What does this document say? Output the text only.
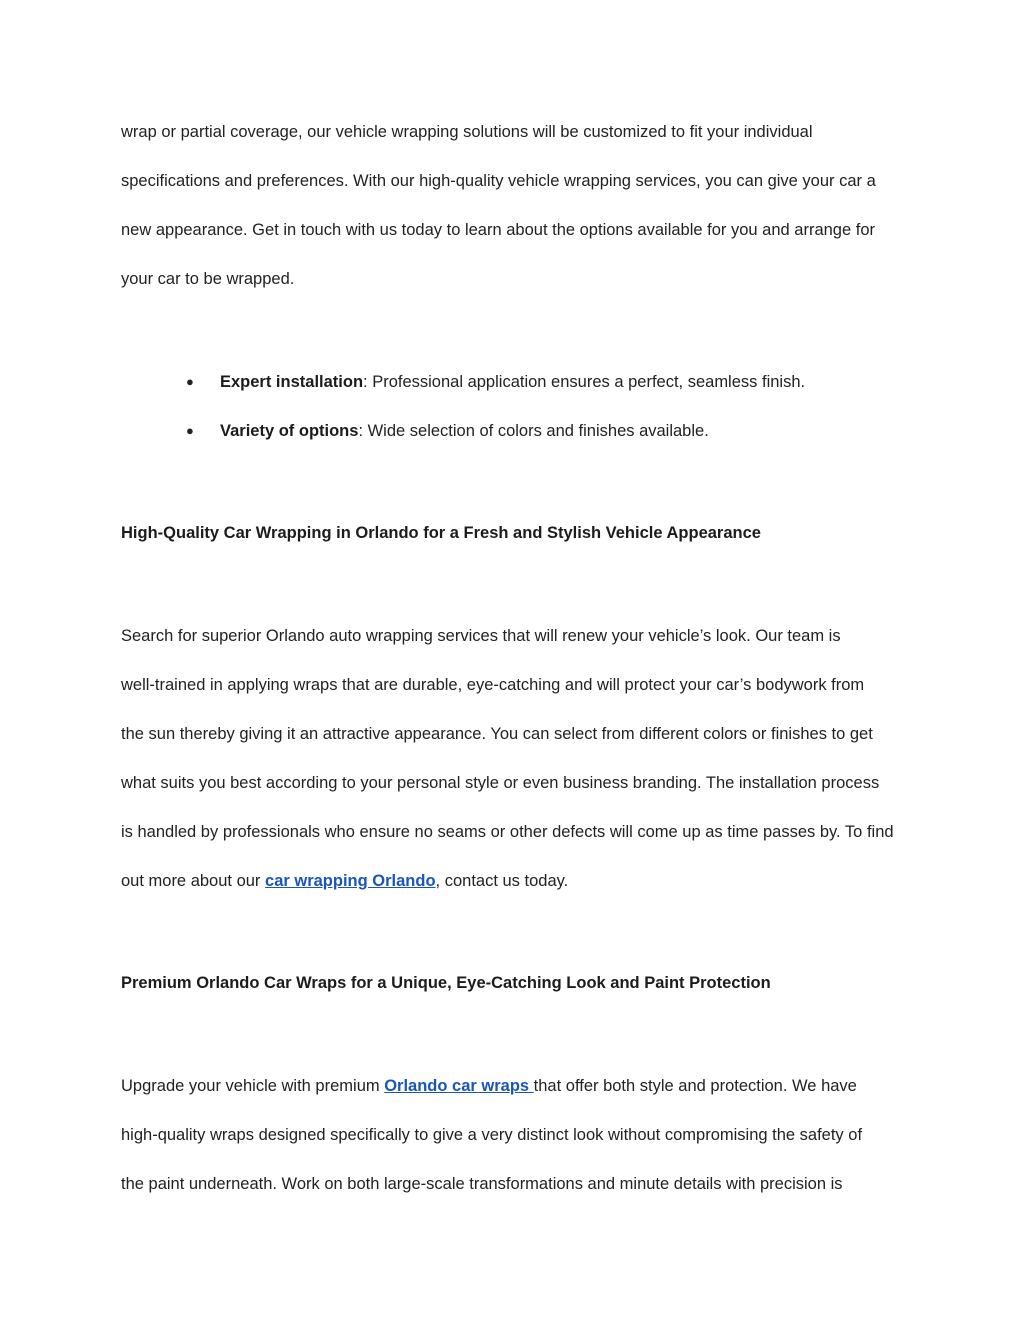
wrap or partial coverage, our vehicle wrapping solutions will be customized to fit your individual
specifications and preferences. With our high-quality vehicle wrapping services, you can give your car a
new appearance. Get in touch with us today to learn about the options available for you and arrange for
your car to be wrapped.
● Expert installation: Professional application ensures a perfect, seamless finish.
● Variety of options: Wide selection of colors and finishes available.
High-Quality Car Wrapping in Orlando for a Fresh and Stylish Vehicle Appearance
Search for superior Orlando auto wrapping services that will renew your vehicle’s look. Our team is
well-trained in applying wraps that are durable, eye-catching and will protect your car’s bodywork from
the sun thereby giving it an attractive appearance. You can select from different colors or finishes to get
what suits you best according to your personal style or even business branding. The installation process
is handled by professionals who ensure no seams or other defects will come up as time passes by. To find
out more about our car wrapping Orlando, contact us today.
Premium Orlando Car Wraps for a Unique, Eye-Catching Look and Paint Protection
Upgrade your vehicle with premium Orlando car wraps that offer both style and protection. We have
high-quality wraps designed specifically to give a very distinct look without compromising the safety of
the paint underneath. Work on both large-scale transformations and minute details with precision is
